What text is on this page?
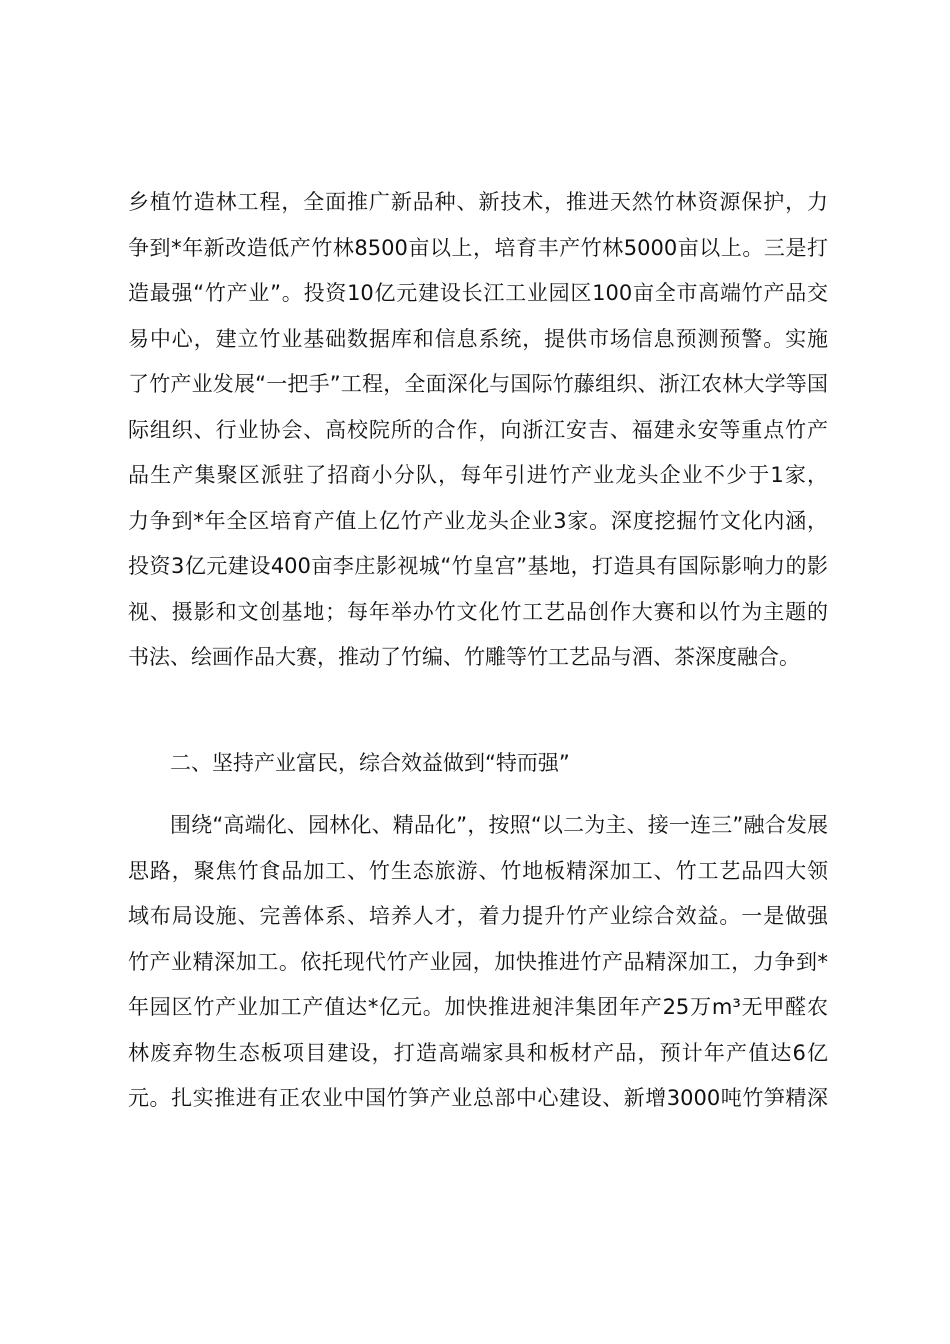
乡植竹造林工程，全面推广新品种、新技术，推进天然竹林资源保护，力
争到*年新改造低产竹林8500亩以上，培育丰产竹林5000亩以上。三是打
造最强“竹产业”。投资10亿元建设长江工业园区100亩全市高端竹产品交
易中心，建立竹业基础数据库和信息系统，提供市场信息预测预警。实施
了竹产业发展“一把手”工程，全面深化与国际竹藤组织、浙江农林大学等国
际组织、行业协会、高校院所的合作，向浙江安吉、福建永安等重点竹产
品生产集聚区派驻了招商小分队，每年引进竹产业龙头企业不少于1家，
力争到*年全区培育产值上亿竹产业龙头企业3家。深度挖掘竹文化内涵，
投资3亿元建设400亩李庄影视城“竹皇宫”基地，打造具有国际影响力的影
视、摄影和文创基地；每年举办竹文化竹工艺品创作大赛和以竹为主题的
书法、绘画作品大赛，推动了竹编、竹雕等竹工艺品与酒、茶深度融合。
二、坚持产业富民，综合效益做到“特而强”
围绕“高端化、园林化、精品化”，按照“以二为主、接一连三”融合发展
思路，聚焦竹食品加工、竹生态旅游、竹地板精深加工、竹工艺品四大领
域布局设施、完善体系、培养人才，着力提升竹产业综合效益。一是做强
竹产业精深加工。依托现代竹产业园，加快推进竹产品精深加工，力争到*
年园区竹产业加工产值达*亿元。加快推进昶沣集团年产25万m³无甲醛农
林废弃物生态板项目建设，打造高端家具和板材产品，预计年产值达6亿
元。扎实推进有正农业中国竹笋产业总部中心建设、新增3000吨竹笋精深
